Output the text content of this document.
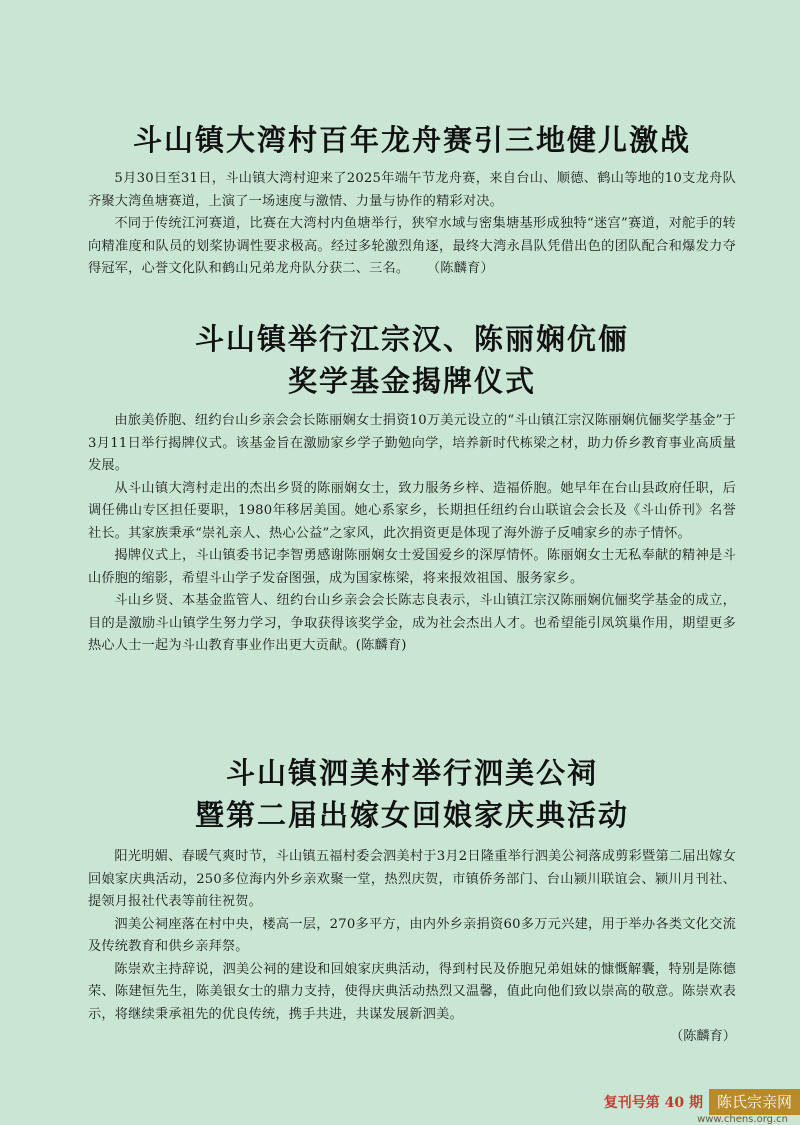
斗山镇大湾村百年龙舟赛引三地健儿激战

5月30日至31日，斗山镇大湾村迎来了2025年端午节龙舟赛，来自台山、顺德、鹤山等地的10支龙舟队齐聚大湾鱼塘赛道，上演了一场速度与激情、力量与协作的精彩对决。

不同于传统江河赛道，比赛在大湾村内鱼塘举行，狭窄水域与密集塘基形成独特“迷宫”赛道，对舵手的转向精准度和队员的划桨协调性要求极高。经过多轮激烈角逐，最终大湾永昌队凭借出色的团队配合和爆发力夺得冠军，心誉文化队和鹤山兄弟龙舟队分获二、三名。 （陈麟育）

斗山镇举行江宗汉、陈丽娴伉俪
奖学基金揭牌仪式

由旅美侨胞、纽约台山乡亲会会长陈丽娴女士捐资10万美元设立的“斗山镇江宗汉陈丽娴伉俪奖学基金”于3月11日举行揭牌仪式。该基金旨在激励家乡学子勤勉向学，培养新时代栋梁之材，助力侨乡教育事业高质量发展。

从斗山镇大湾村走出的杰出乡贤的陈丽娴女士，致力服务乡梓、造福侨胞。她早年在台山县政府任职，后调任佛山专区担任要职，1980年移居美国。她心系家乡，长期担任纽约台山联谊会会长及《斗山侨刊》名誉社长。其家族秉承“崇礼亲人、热心公益”之家风，此次捐资更是体现了海外游子反哺家乡的赤子情怀。

揭牌仪式上，斗山镇委书记李智勇感谢陈丽娴女士爱国爱乡的深厚情怀。陈丽娴女士无私奉献的精神是斗山侨胞的缩影，希望斗山学子发奋图强，成为国家栋梁，将来报效祖国、服务家乡。

斗山乡贤、本基金监管人、纽约台山乡亲会会长陈志良表示，斗山镇江宗汉陈丽娴伉俪奖学基金的成立，目的是激励斗山镇学生努力学习，争取获得该奖学金，成为社会杰出人才。也希望能引凤筑巢作用，期望更多热心人士一起为斗山教育事业作出更大贡献。(陈麟育)

斗山镇泗美村举行泗美公祠
暨第二届出嫁女回娘家庆典活动

阳光明媚、春暖气爽时节，斗山镇五福村委会泗美村于3月2日隆重举行泗美公祠落成剪彩暨第二届出嫁女回娘家庆典活动，250多位海内外乡亲欢聚一堂，热烈庆贺，市镇侨务部门、台山颍川联谊会、颍川月刊社、提领月报社代表等前往祝贺。

泗美公祠座落在村中央，楼高一层，270多平方，由内外乡亲捐资60多万元兴建，用于举办各类文化交流及传统教育和供乡亲拜祭。

陈崇欢主持辞说，泗美公祠的建设和回娘家庆典活动，得到村民及侨胞兄弟姐妹的慷慨解囊，特别是陈德荣、陈建恒先生，陈美银女士的鼎力支持，使得庆典活动热烈又温馨，值此向他们致以崇高的敬意。陈崇欢表示，将继续秉承祖先的优良传统，携手共进，共谋发展新泗美。

（陈麟育）
复刊号第 40 期 陈氏宗亲网
www.chens.org.cn
